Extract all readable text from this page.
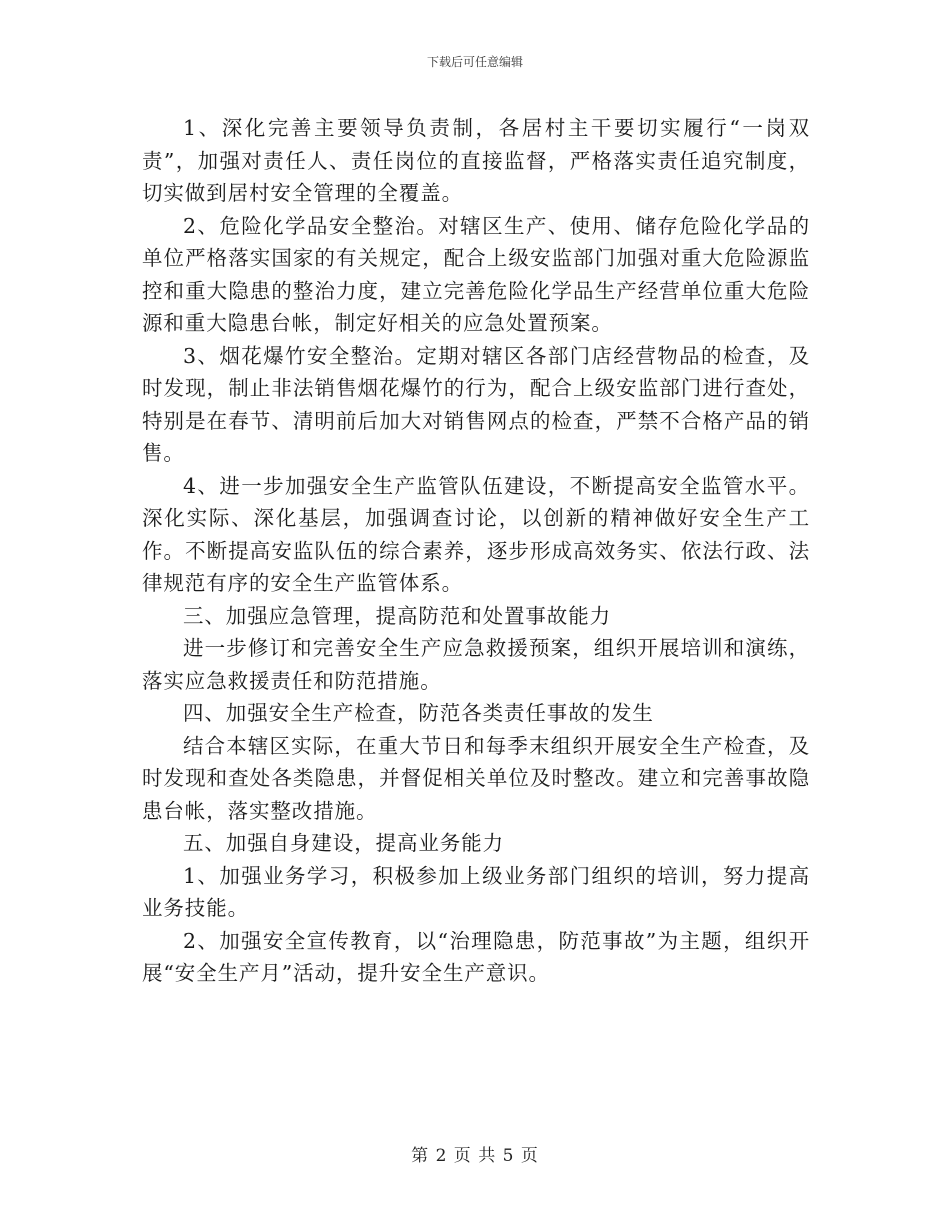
下载后可任意编辑

1、深化完善主要领导负责制，各居村主干要切实履行“一岗双责”，加强对责任人、责任岗位的直接监督，严格落实责任追究制度，切实做到居村安全管理的全覆盖。

2、危险化学品安全整治。对辖区生产、使用、储存危险化学品的单位严格落实国家的有关规定，配合上级安监部门加强对重大危险源监控和重大隐患的整治力度，建立完善危险化学品生产经营单位重大危险源和重大隐患台帐，制定好相关的应急处置预案。

3、烟花爆竹安全整治。定期对辖区各部门店经营物品的检查，及时发现，制止非法销售烟花爆竹的行为，配合上级安监部门进行查处，特别是在春节、清明前后加大对销售网点的检查，严禁不合格产品的销售。

4、进一步加强安全生产监管队伍建设，不断提高安全监管水平。深化实际、深化基层，加强调查讨论，以创新的精神做好安全生产工作。不断提高安监队伍的综合素养，逐步形成高效务实、依法行政、法律规范有序的安全生产监管体系。

三、加强应急管理，提高防范和处置事故能力

进一步修订和完善安全生产应急救援预案，组织开展培训和演练，落实应急救援责任和防范措施。

四、加强安全生产检查，防范各类责任事故的发生

结合本辖区实际，在重大节日和每季末组织开展安全生产检查，及时发现和查处各类隐患，并督促相关单位及时整改。建立和完善事故隐患台帐，落实整改措施。

五、加强自身建设，提高业务能力

1、加强业务学习，积极参加上级业务部门组织的培训，努力提高业务技能。

2、加强安全宣传教育，以“治理隐患，防范事故”为主题，组织开展“安全生产月”活动，提升安全生产意识。

第 2 页 共 5 页
